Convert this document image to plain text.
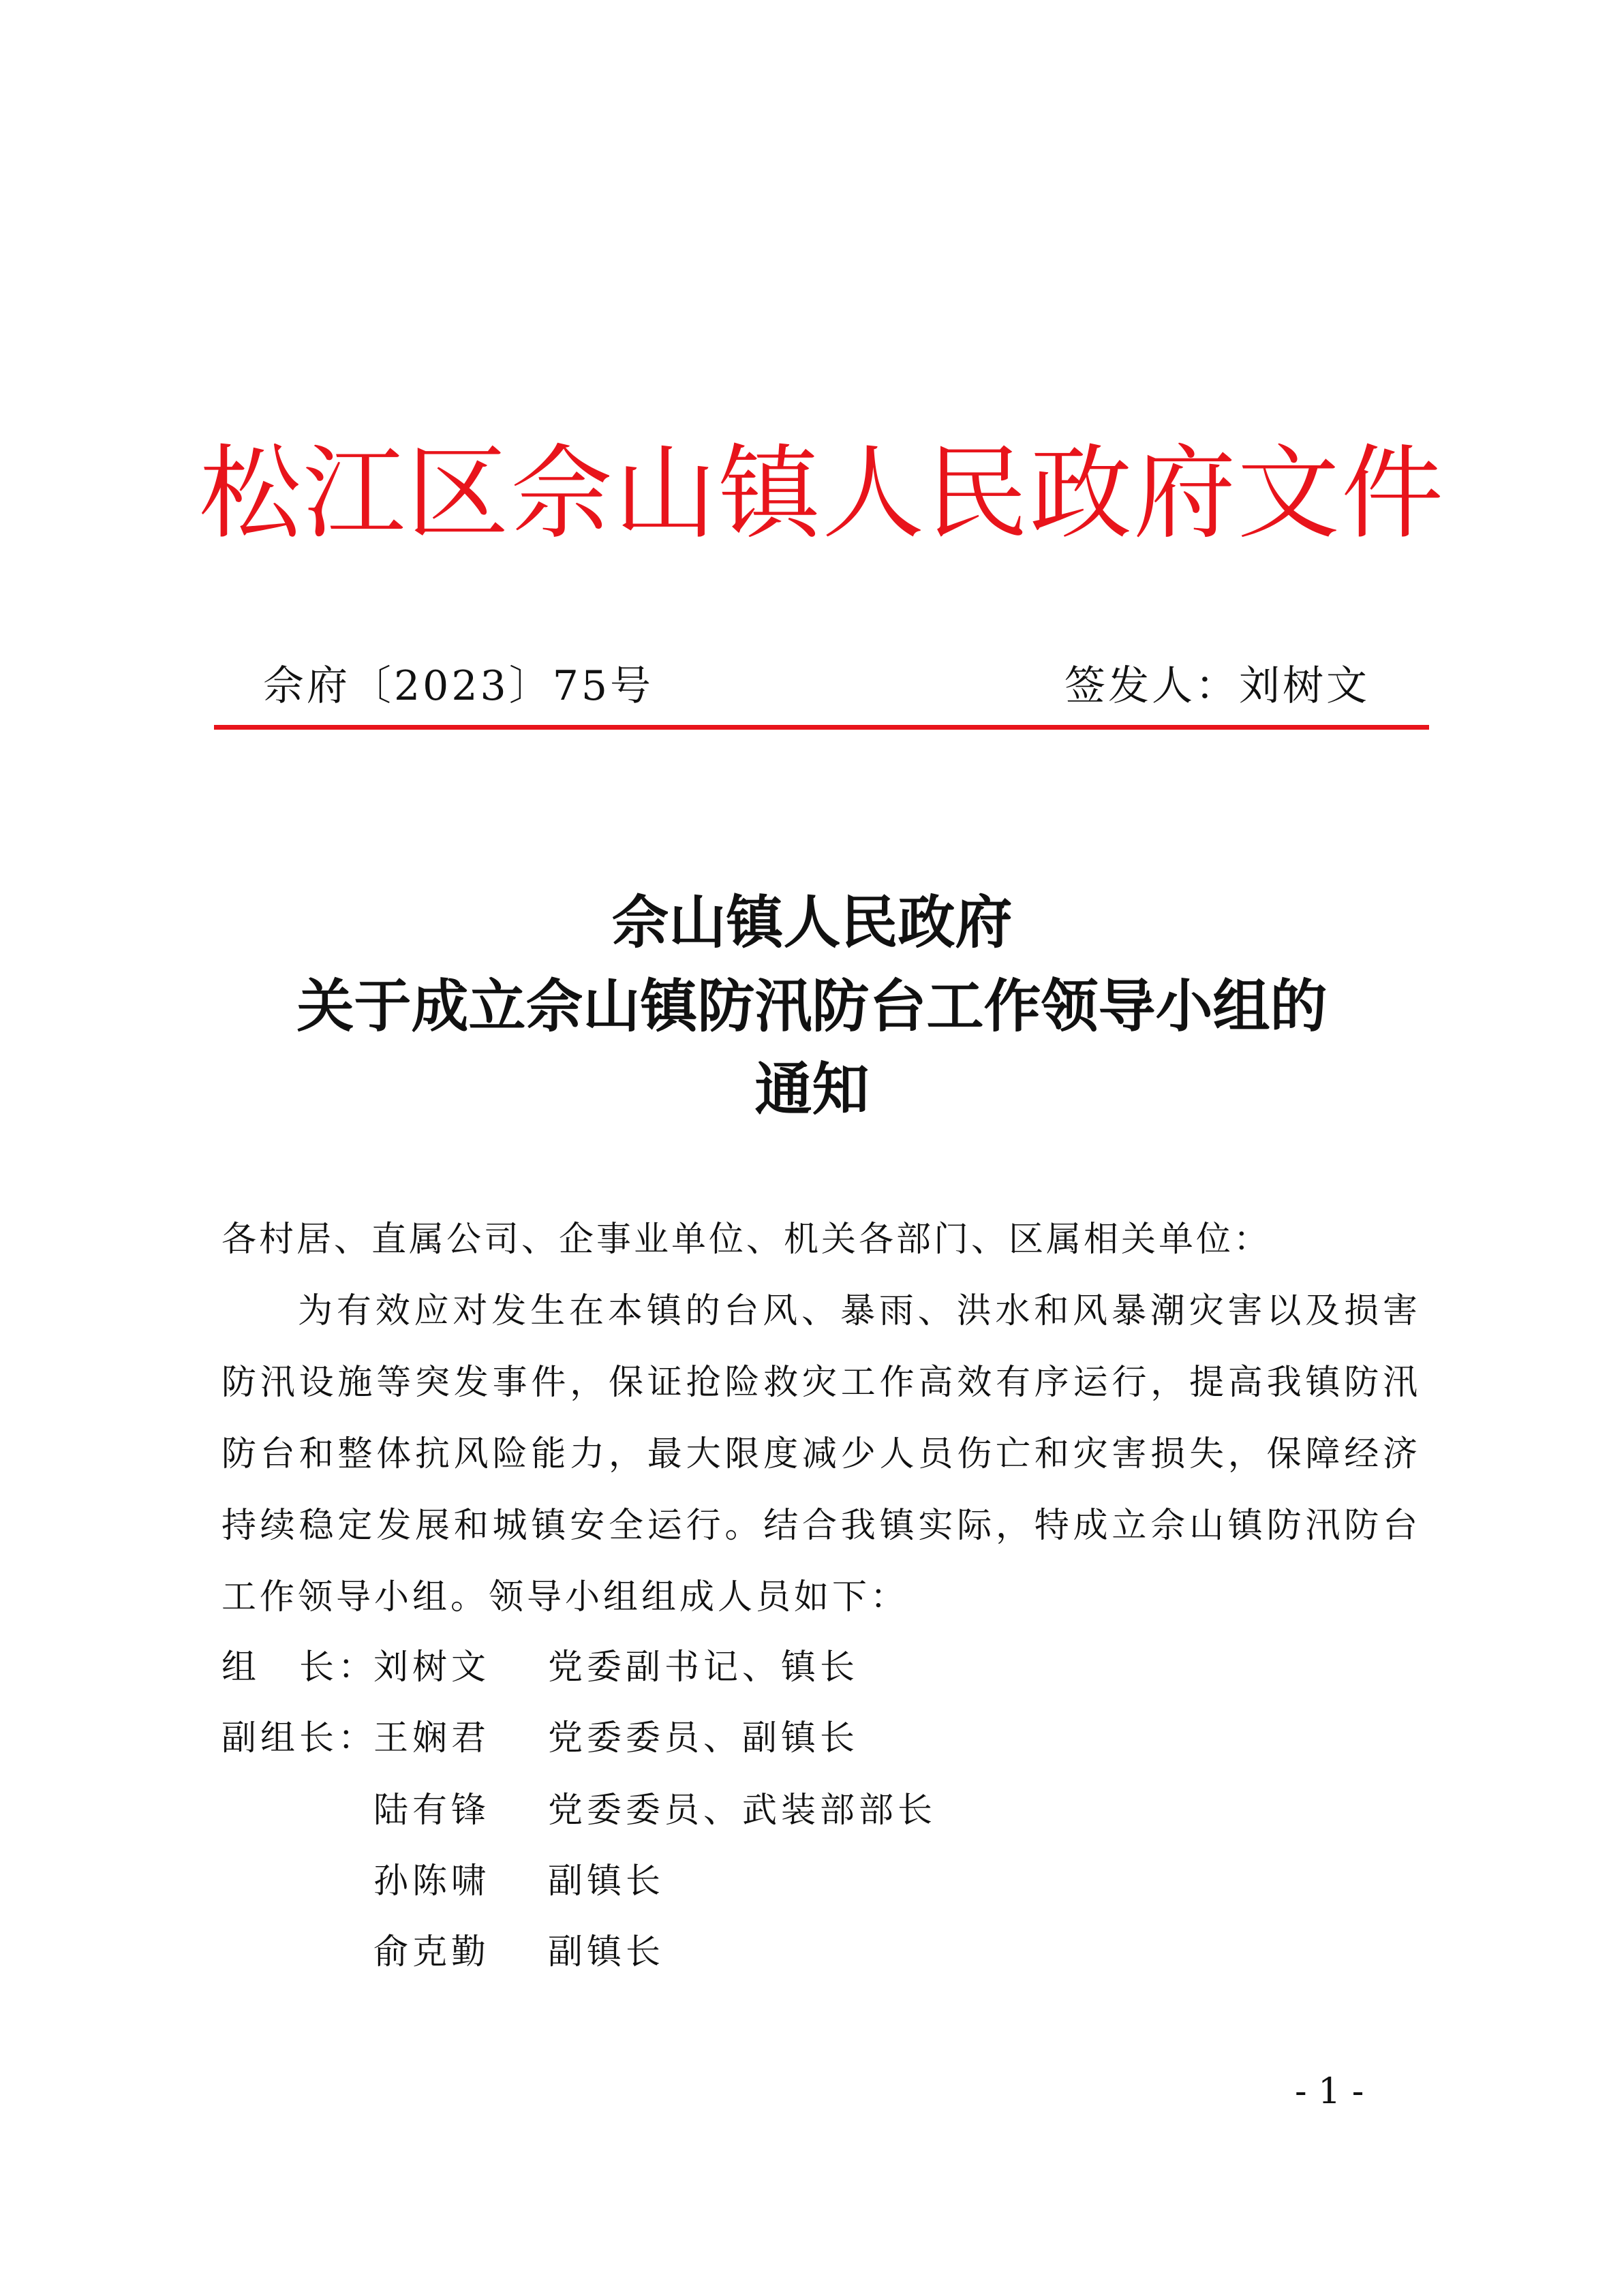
松江区佘山镇人民政府文件
佘府〔2023〕75号	签发人：刘树文
佘山镇人民政府
关于成立佘山镇防汛防台工作领导小组的
通知
各村居、直属公司、企事业单位、机关各部门、区属相关单位：
为有效应对发生在本镇的台风、暴雨、洪水和风暴潮灾害以及损害
防汛设施等突发事件，保证抢险救灾工作高效有序运行，提高我镇防汛
防台和整体抗风险能力，最大限度减少人员伤亡和灾害损失，保障经济
持续稳定发展和城镇安全运行。结合我镇实际，特成立佘山镇防汛防台
工作领导小组。领导小组组成人员如下：
组　长：
刘树文 党委副书记、镇长
副组长：
王娴君 党委委员、副镇长
陆有锋 党委委员、武装部部长
孙陈啸 副镇长
俞克勤 副镇长
- 1 -
